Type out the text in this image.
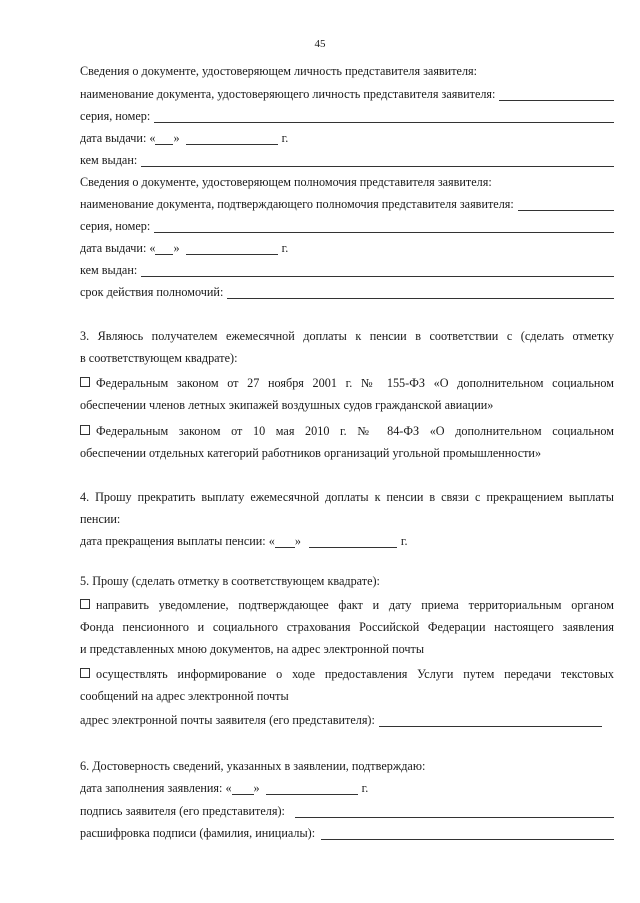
45
Сведения о документе, удостоверяющем личность представителя заявителя:
наименование документа, удостоверяющего личность представителя заявителя:
серия, номер:
дата выдачи: « »	г.
кем выдан:
Сведения о документе, удостоверяющем полномочия представителя заявителя:
наименование документа, подтверждающего полномочия представителя заявителя:
серия, номер:
дата выдачи: « »	г.
кем выдан:
срок действия полномочий:
3. Являюсь получателем ежемесячной доплаты к пенсии в соответствии с (сделать отметку
в соответствующем квадрате):
Федеральным законом от 27 ноября 2001 г. № 155-ФЗ «О дополнительном социальном
обеспечении членов летных экипажей воздушных судов гражданской авиации»
Федеральным законом от 10 мая 2010 г. № 84-ФЗ «О дополнительном социальном
обеспечении отдельных категорий работников организаций угольной промышленности»
4. Прошу прекратить выплату ежемесячной доплаты к пенсии в связи с прекращением выплаты
пенсии:
дата прекращения выплаты пенсии: « »	г.
5. Прошу (сделать отметку в соответствующем квадрате):
направить уведомление, подтверждающее факт и дату приема территориальным органом
Фонда пенсионного и социального страхования Российской Федерации настоящего заявления
и представленных мною документов, на адрес электронной почты
осуществлять информирование о ходе предоставления Услуги путем передачи текстовых
сообщений на адрес электронной почты
адрес электронной почты заявителя (его представителя):
6. Достоверность сведений, указанных в заявлении, подтверждаю:
дата заполнения заявления: « »	г.
подпись заявителя (его представителя):
расшифровка подписи (фамилия, инициалы):
